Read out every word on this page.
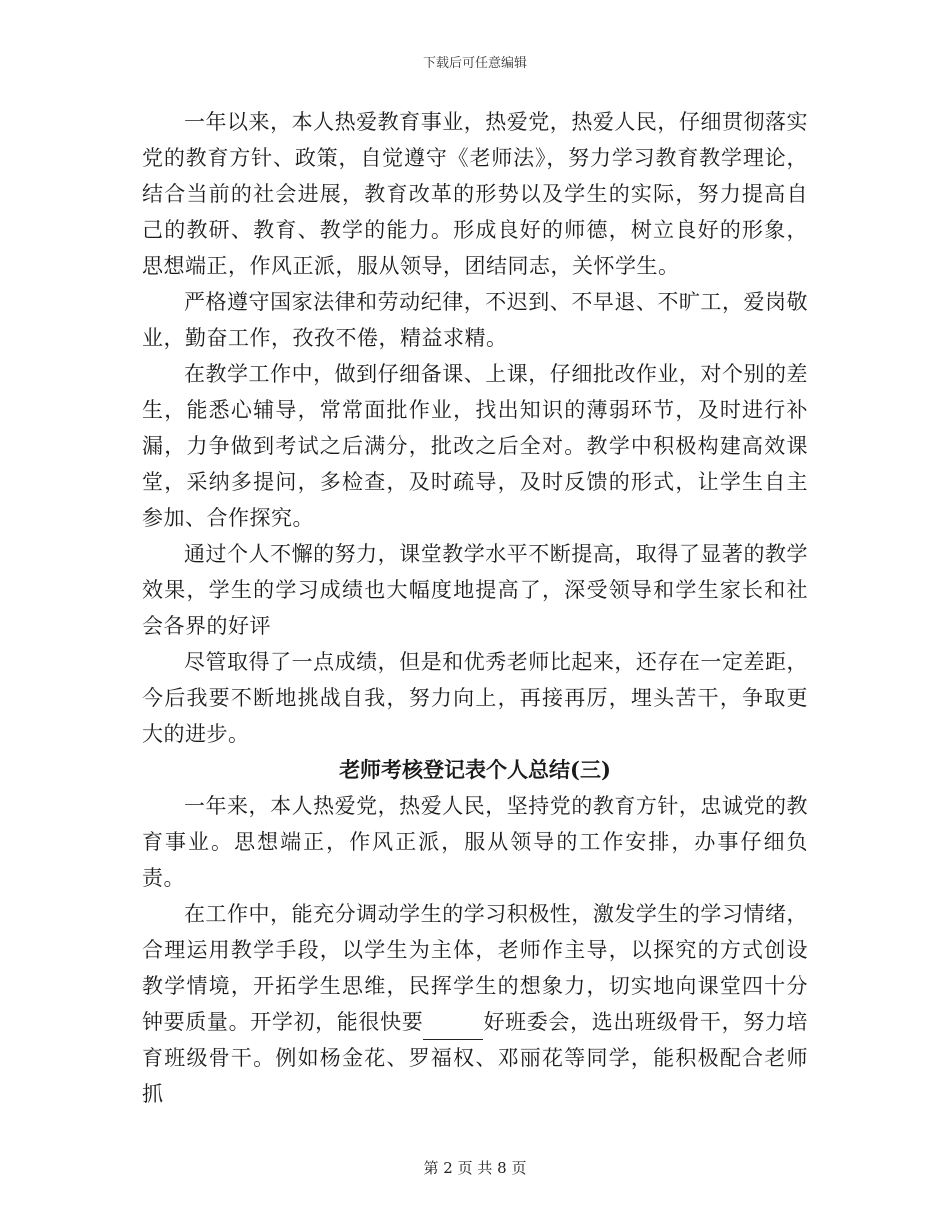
下载后可任意编辑

一年以来，本人热爱教育事业，热爱党，热爱人民，仔细贯彻落实党的教育方针、政策，自觉遵守《老师法》，努力学习教育教学理论，结合当前的社会进展，教育改革的形势以及学生的实际，努力提高自己的教研、教育、教学的能力。形成良好的师德，树立良好的形象，思想端正，作风正派，服从领导，团结同志，关怀学生。

严格遵守国家法律和劳动纪律，不迟到、不早退、不旷工，爱岗敬业，勤奋工作，孜孜不倦，精益求精。

在教学工作中，做到仔细备课、上课，仔细批改作业，对个别的差生，能悉心辅导，常常面批作业，找出知识的薄弱环节，及时进行补漏，力争做到考试之后满分，批改之后全对。教学中积极构建高效课堂，采纳多提问，多检查，及时疏导，及时反馈的形式，让学生自主参加、合作探究。

通过个人不懈的努力，课堂教学水平不断提高，取得了显著的教学效果，学生的学习成绩也大幅度地提高了，深受领导和学生家长和社会各界的好评

尽管取得了一点成绩，但是和优秀老师比起来，还存在一定差距，今后我要不断地挑战自我，努力向上，再接再厉，埋头苦干，争取更大的进步。

老师考核登记表个人总结(三)

一年来，本人热爱党，热爱人民，坚持党的教育方针，忠诚党的教育事业。思想端正，作风正派，服从领导的工作安排，办事仔细负责。

在工作中，能充分调动学生的学习积极性，激发学生的学习情绪，合理运用教学手段，以学生为主体，老师作主导，以探究的方式创设教学情境，开拓学生思维，民挥学生的想象力，切实地向课堂四十分钟要质量。开学初，能很快要	好班委会，选出班级骨干，努力培育班级骨干。例如杨金花、罗福权、邓丽花等同学，能积极配合老师抓

第 2 页 共 8 页
